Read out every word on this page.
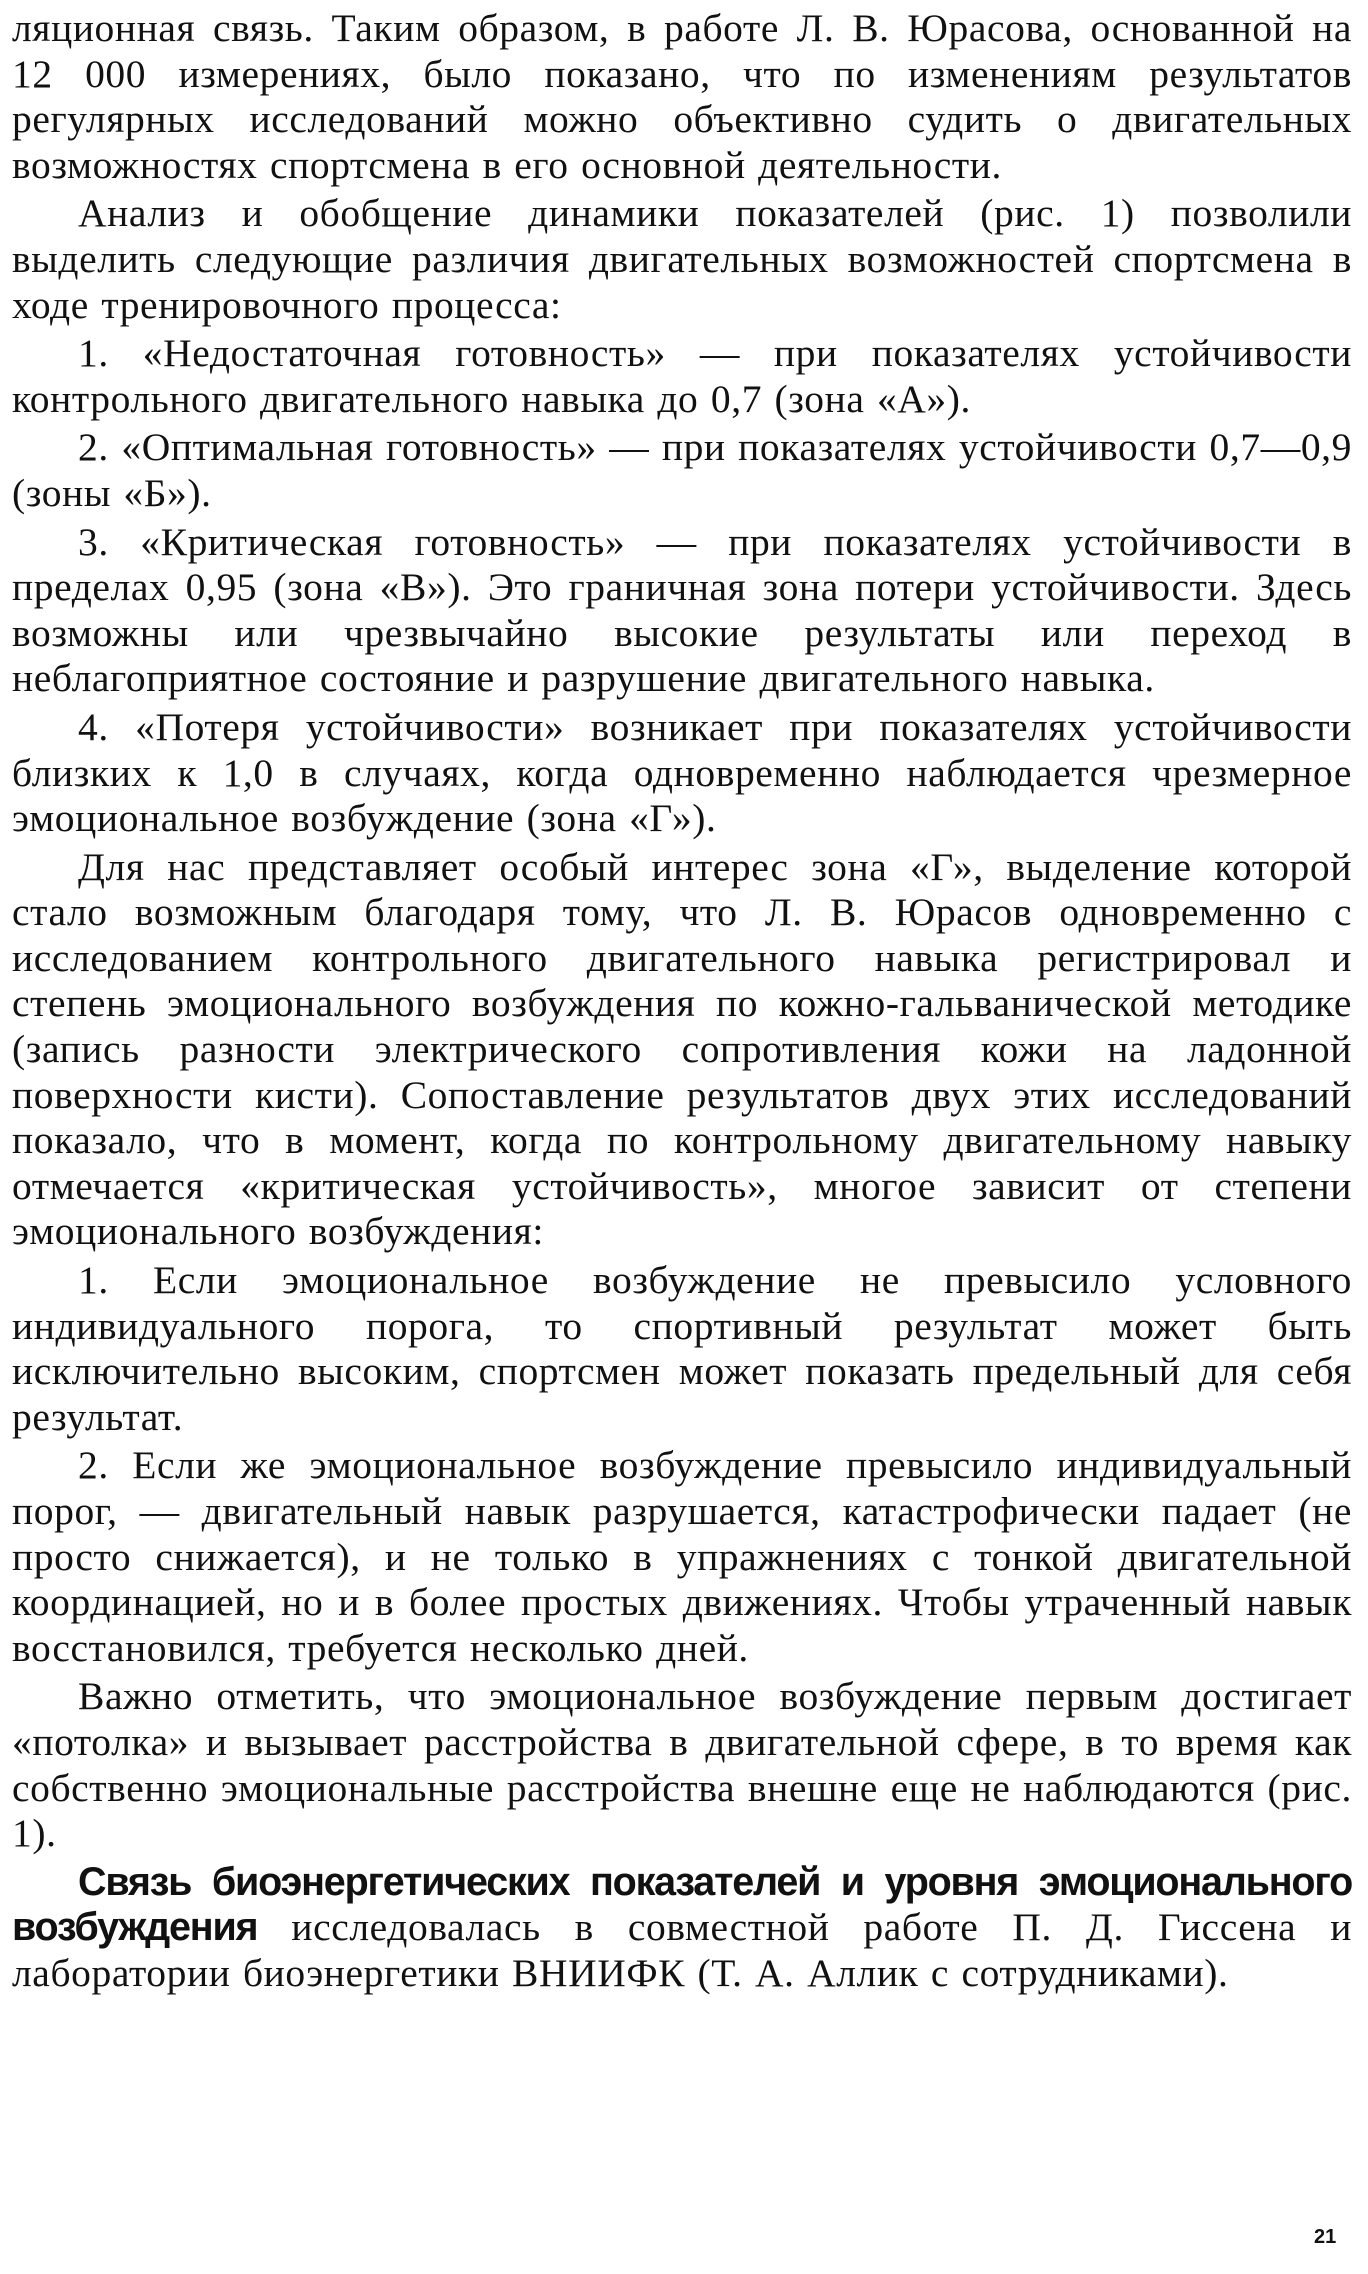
ляционная связь. Таким образом, в работе Л. В. Юрасова, основанной на 12 000 измерениях, было показано, что по изменениям результатов регулярных исследований можно объективно судить о двигательных возможностях спортсмена в его основной деятельности.

Анализ и обобщение динамики показателей (рис. 1) позволили выделить следующие различия двигательных возможностей спортсмена в ходе тренировочного процесса:

1. «Недостаточная готовность» — при показателях устойчивости контрольного двигательного навыка до 0,7 (зона «А»).

2. «Оптимальная готовность» — при показателях устойчивости 0,7—0,9 (зоны «Б»).

3. «Критическая готовность» — при показателях устойчивости в пределах 0,95 (зона «В»). Это граничная зона потери устойчивости. Здесь возможны или чрезвычайно высокие результаты или переход в неблагоприятное состояние и разрушение двигательного навыка.

4. «Потеря устойчивости» возникает при показателях устойчивости близких к 1,0 в случаях, когда одновременно наблюдается чрезмерное эмоциональное возбуждение (зона «Г»).

Для нас представляет особый интерес зона «Г», выделение которой стало возможным благодаря тому, что Л. В. Юрасов одновременно с исследованием контрольного двигательного навыка регистрировал и степень эмоционального возбуждения по кожно-гальванической методике (запись разности электрического сопротивления кожи на ладонной поверхности кисти). Сопоставление результатов двух этих исследований показало, что в момент, когда по контрольному двигательному навыку отмечается «критическая устойчивость», многое зависит от степени эмоционального возбуждения:

1. Если эмоциональное возбуждение не превысило условного индивидуального порога, то спортивный результат может быть исключительно высоким, спортсмен может показать предельный для себя результат.

2. Если же эмоциональное возбуждение превысило индивидуальный порог, — двигательный навык разрушается, катастрофически падает (не просто снижается), и не только в упражнениях с тонкой двигательной координацией, но и в более простых движениях. Чтобы утраченный навык восстановился, требуется несколько дней.

Важно отметить, что эмоциональное возбуждение первым достигает «потолка» и вызывает расстройства в двигательной сфере, в то время как собственно эмоциональные расстройства внешне еще не наблюдаются (рис. 1).

Связь биоэнергетических показателей и уровня эмоционального возбуждения исследовалась в совместной работе П. Д. Гиссена и лаборатории биоэнергетики ВНИИФК (Т. А. Аллик с сотрудниками).

21
